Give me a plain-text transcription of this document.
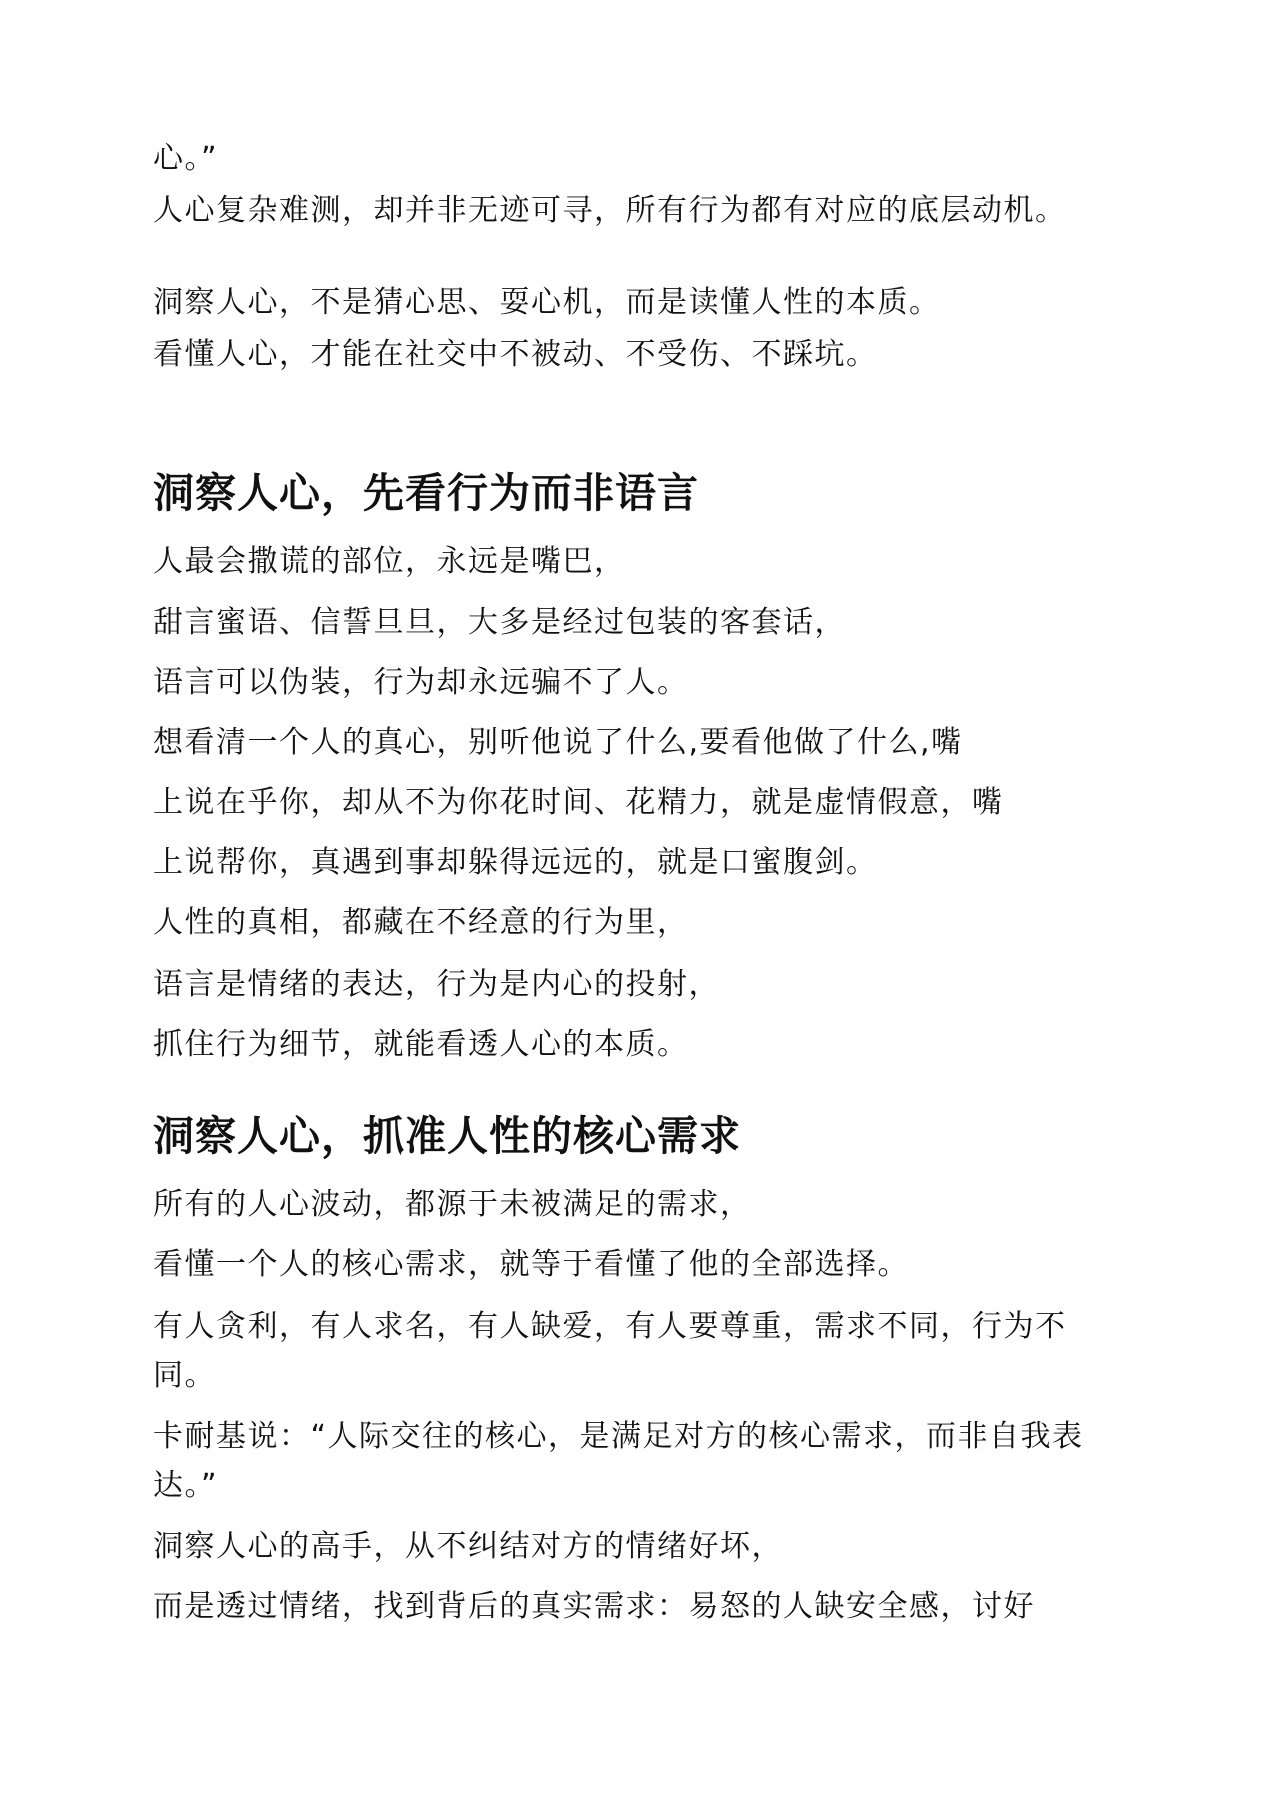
心。”

人心复杂难测，却并非无迹可寻，所有行为都有对应的底层动机。

洞察人心，不是猜心思、耍心机，而是读懂人性的本质。

看懂人心，才能在社交中不被动、不受伤、不踩坑。

洞察人心，先看行为而非语言

人最会撒谎的部位，永远是嘴巴，

甜言蜜语、信誓旦旦，大多是经过包装的客套话，

语言可以伪装，行为却永远骗不了人。

想看清一个人的真心，别听他说了什么,要看他做了什么,嘴

上说在乎你，却从不为你花时间、花精力，就是虚情假意，嘴

上说帮你，真遇到事却躲得远远的，就是口蜜腹剑。

人性的真相，都藏在不经意的行为里，

语言是情绪的表达，行为是内心的投射，

抓住行为细节，就能看透人心的本质。

洞察人心，抓准人性的核心需求

所有的人心波动，都源于未被满足的需求，

看懂一个人的核心需求，就等于看懂了他的全部选择。

有人贪利，有人求名，有人缺爱，有人要尊重，需求不同，行为不同。

卡耐基说：“人际交往的核心，是满足对方的核心需求，而非自我表达。”

洞察人心的高手，从不纠结对方的情绪好坏，

而是透过情绪，找到背后的真实需求：易怒的人缺安全感，讨好
